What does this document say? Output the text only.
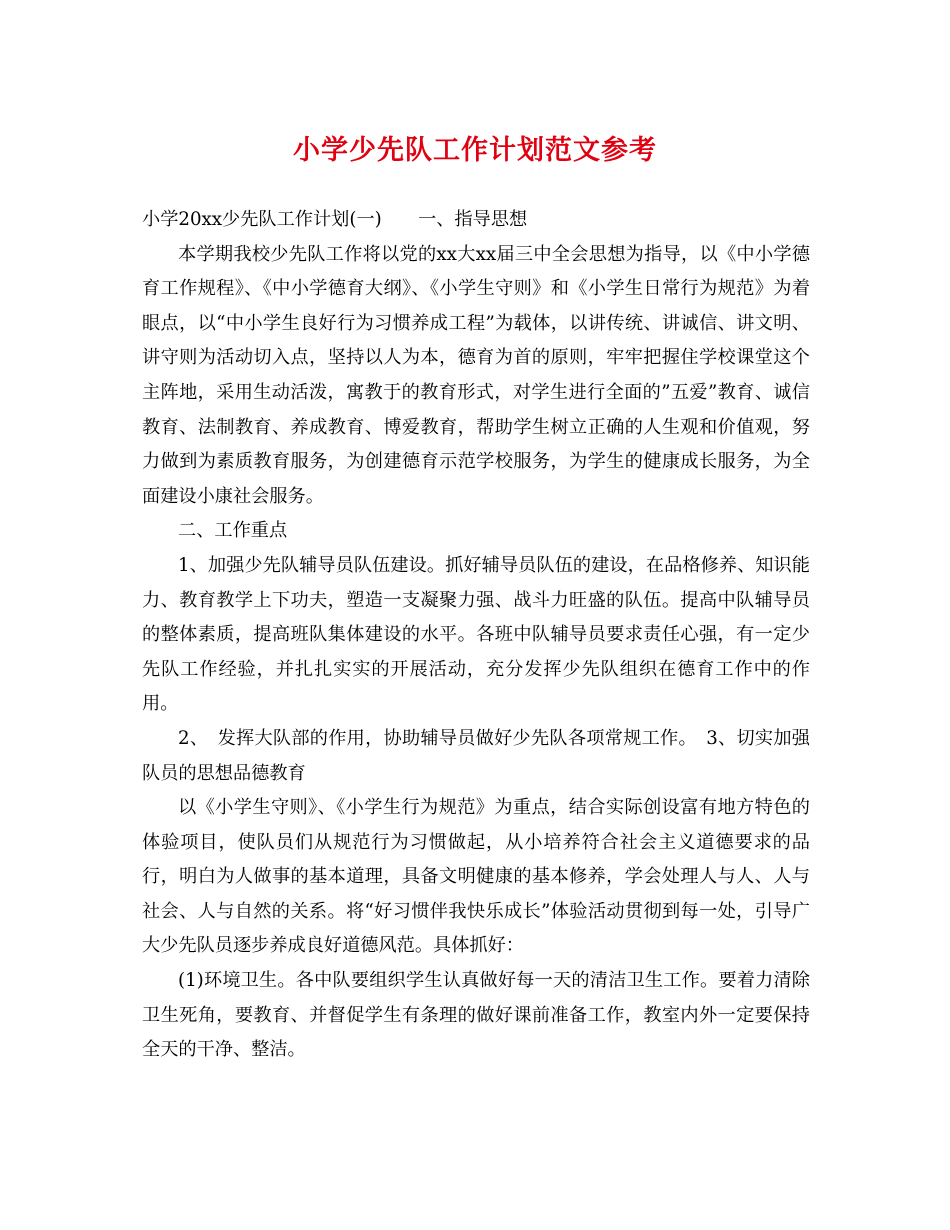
小学少先队工作计划范文参考

小学20xx少先队工作计划(一)　　一、指导思想

本学期我校少先队工作将以党的xx大xx届三中全会思想为指导，以《中小学德育工作规程》、《中小学德育大纲》、《小学生守则》和《小学生日常行为规范》为着眼点，以“中小学生良好行为习惯养成工程”为载体，以讲传统、讲诚信、讲文明、讲守则为活动切入点，坚持以人为本，德育为首的原则，牢牢把握住学校课堂这个主阵地，采用生动活泼，寓教于的教育形式，对学生进行全面的”五爱”教育、诚信教育、法制教育、养成教育、博爱教育，帮助学生树立正确的人生观和价值观，努力做到为素质教育服务，为创建德育示范学校服务，为学生的健康成长服务，为全面建设小康社会服务。

二、工作重点

1、加强少先队辅导员队伍建设。抓好辅导员队伍的建设，在品格修养、知识能力、教育教学上下功夫，塑造一支凝聚力强、战斗力旺盛的队伍。提高中队辅导员的整体素质，提高班队集体建设的水平。各班中队辅导员要求责任心强，有一定少先队工作经验，并扎扎实实的开展活动，充分发挥少先队组织在德育工作中的作用。

2、　发挥大队部的作用，协助辅导员做好少先队各项常规工作。　3、切实加强队员的思想品德教育

以《小学生守则》、《小学生行为规范》为重点，结合实际创设富有地方特色的体验项目，使队员们从规范行为习惯做起，从小培养符合社会主义道德要求的品行，明白为人做事的基本道理，具备文明健康的基本修养，学会处理人与人、人与社会、人与自然的关系。将“好习惯伴我快乐成长”体验活动贯彻到每一处，引导广大少先队员逐步养成良好道德风范。具体抓好：

(1)环境卫生。各中队要组织学生认真做好每一天的清洁卫生工作。要着力清除卫生死角，要教育、并督促学生有条理的做好课前准备工作，教室内外一定要保持全天的干净、整洁。
